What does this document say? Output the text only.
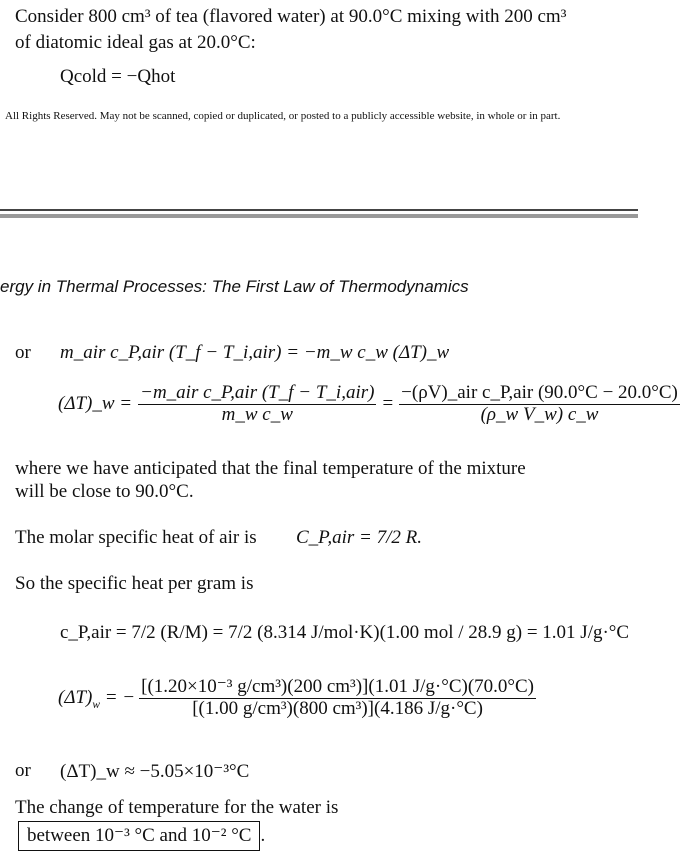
Consider 800 cm³ of tea (flavored water) at 90.0°C mixing with 200 cm³
of diatomic ideal gas at 20.0°C:
Qcold = −Qhot
All Rights Reserved. May not be scanned, copied or duplicated, or posted to a publicly accessible website, in whole or in part.
ergy in Thermal Processes: The First Law of Thermodynamics
or m_air c_P,air (T_f − T_i,air) = −m_w c_w (ΔT)_w
(ΔT)_w = $\frac{\text{−m\_air c\_P,air (T\_f − T\_i,air)}}{\text{m\_w c\_w}} = \frac{\text{−(ρV)\_air c\_P,air (90.0°C − 20.0°C)}}{\text{(ρ\_w V\_w) c\_w}}$
where we have anticipated that the final temperature of the mixture
will be close to 90.0°C.
The molar specific heat of air is C_P,air = 7/2 R.
So the specific heat per gram is
c_P,air = 7/2 (R/M) = 7/2 (8.314 J/mol·K)(1.00 mol / 28.9 g) = 1.01 J/g·°C
$(\Delta T)_w$ = − $\frac{\text{[(1.20×10⁻³ g/cm³)(200 cm³)](1.01 J/g·°C)(70.0°C)}}{\text{[(1.00 g/cm³)(800 cm³)](4.186 J/g·°C)}}$
or (ΔT)_w ≈ −5.05×10⁻³°C
The change of temperature for the water is
between 10⁻³ °C and 10⁻² °C .
